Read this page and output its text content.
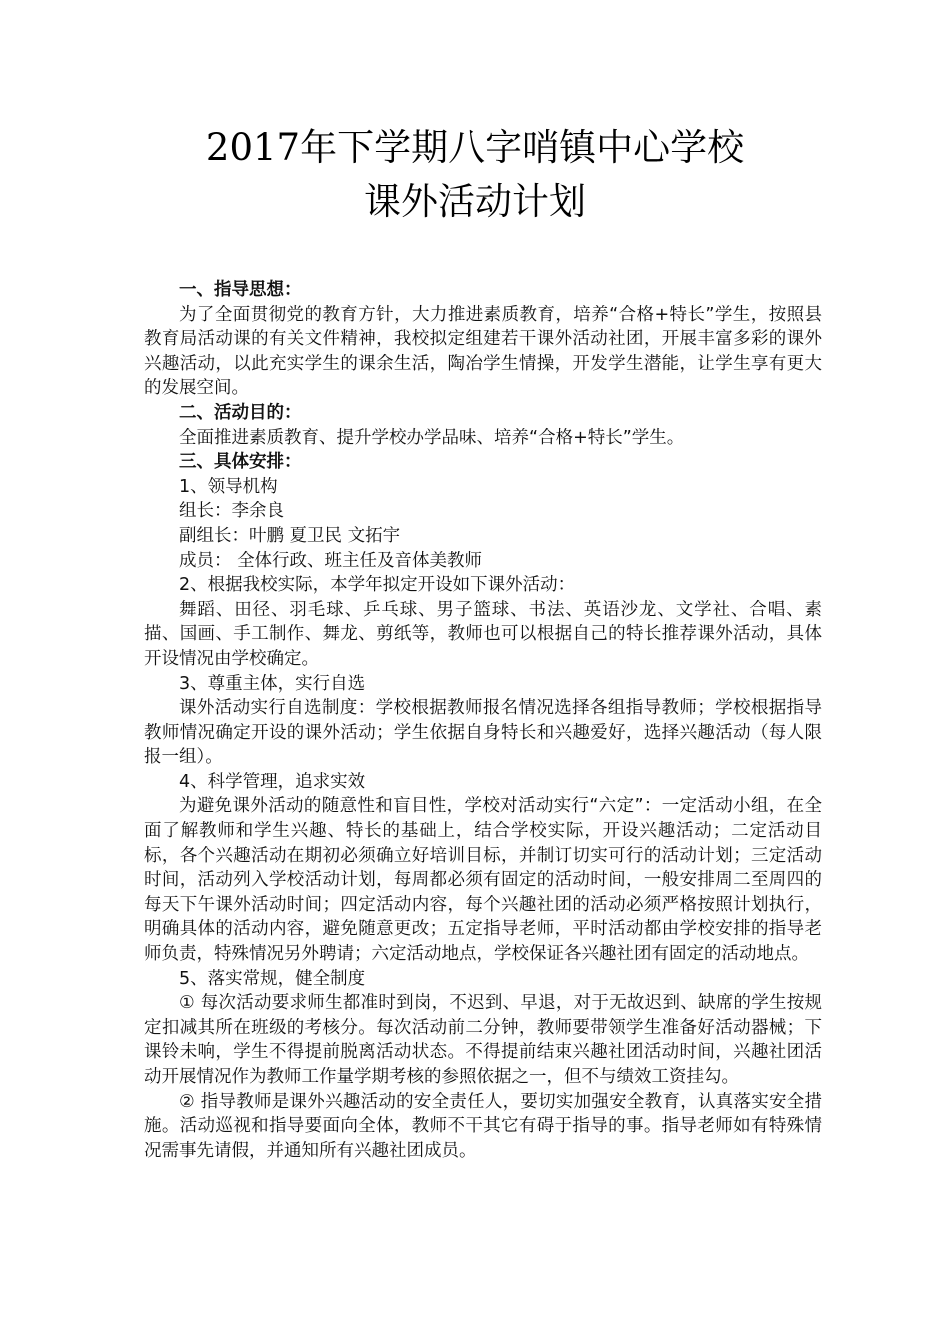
2017年下学期八字哨镇中心学校
课外活动计划
一、指导思想：

为了全面贯彻党的教育方针，大力推进素质教育，培养“合格+特长”学生，按照县教育局活动课的有关文件精神，我校拟定组建若干课外活动社团，开展丰富多彩的课外兴趣活动，以此充实学生的课余生活，陶冶学生情操，开发学生潜能，让学生享有更大的发展空间。

二、活动目的：

全面推进素质教育、提升学校办学品味、培养“合格+特长”学生。

三、具体安排：

1、领导机构

组长：李余良

副组长：叶鹏 夏卫民 文拓宇

成员： 全体行政、班主任及音体美教师

2、根据我校实际，本学年拟定开设如下课外活动：

舞蹈、田径、羽毛球、乒乓球、男子篮球、书法、英语沙龙、文学社、合唱、素描、国画、手工制作、舞龙、剪纸等，教师也可以根据自己的特长推荐课外活动，具体开设情况由学校确定。

3、尊重主体，实行自选

课外活动实行自选制度：学校根据教师报名情况选择各组指导教师；学校根据指导教师情况确定开设的课外活动；学生依据自身特长和兴趣爱好，选择兴趣活动（每人限报一组）。

4、科学管理，追求实效

为避免课外活动的随意性和盲目性，学校对活动实行“六定”：一定活动小组，在全面了解教师和学生兴趣、特长的基础上，结合学校实际，开设兴趣活动；二定活动目标，各个兴趣活动在期初必须确立好培训目标，并制订切实可行的活动计划；三定活动时间，活动列入学校活动计划，每周都必须有固定的活动时间，一般安排周二至周四的每天下午课外活动时间；四定活动内容，每个兴趣社团的活动必须严格按照计划执行，明确具体的活动内容，避免随意更改；五定指导老师，平时活动都由学校安排的指导老师负责，特殊情况另外聘请；六定活动地点，学校保证各兴趣社团有固定的活动地点。

5、落实常规，健全制度

① 每次活动要求师生都准时到岗，不迟到、早退，对于无故迟到、缺席的学生按规定扣减其所在班级的考核分。每次活动前二分钟，教师要带领学生准备好活动器械；下课铃未响，学生不得提前脱离活动状态。不得提前结束兴趣社团活动时间，兴趣社团活动开展情况作为教师工作量学期考核的参照依据之一，但不与绩效工资挂勾。

② 指导教师是课外兴趣活动的安全责任人，要切实加强安全教育，认真落实安全措施。活动巡视和指导要面向全体，教师不干其它有碍于指导的事。指导老师如有特殊情况需事先请假，并通知所有兴趣社团成员。
